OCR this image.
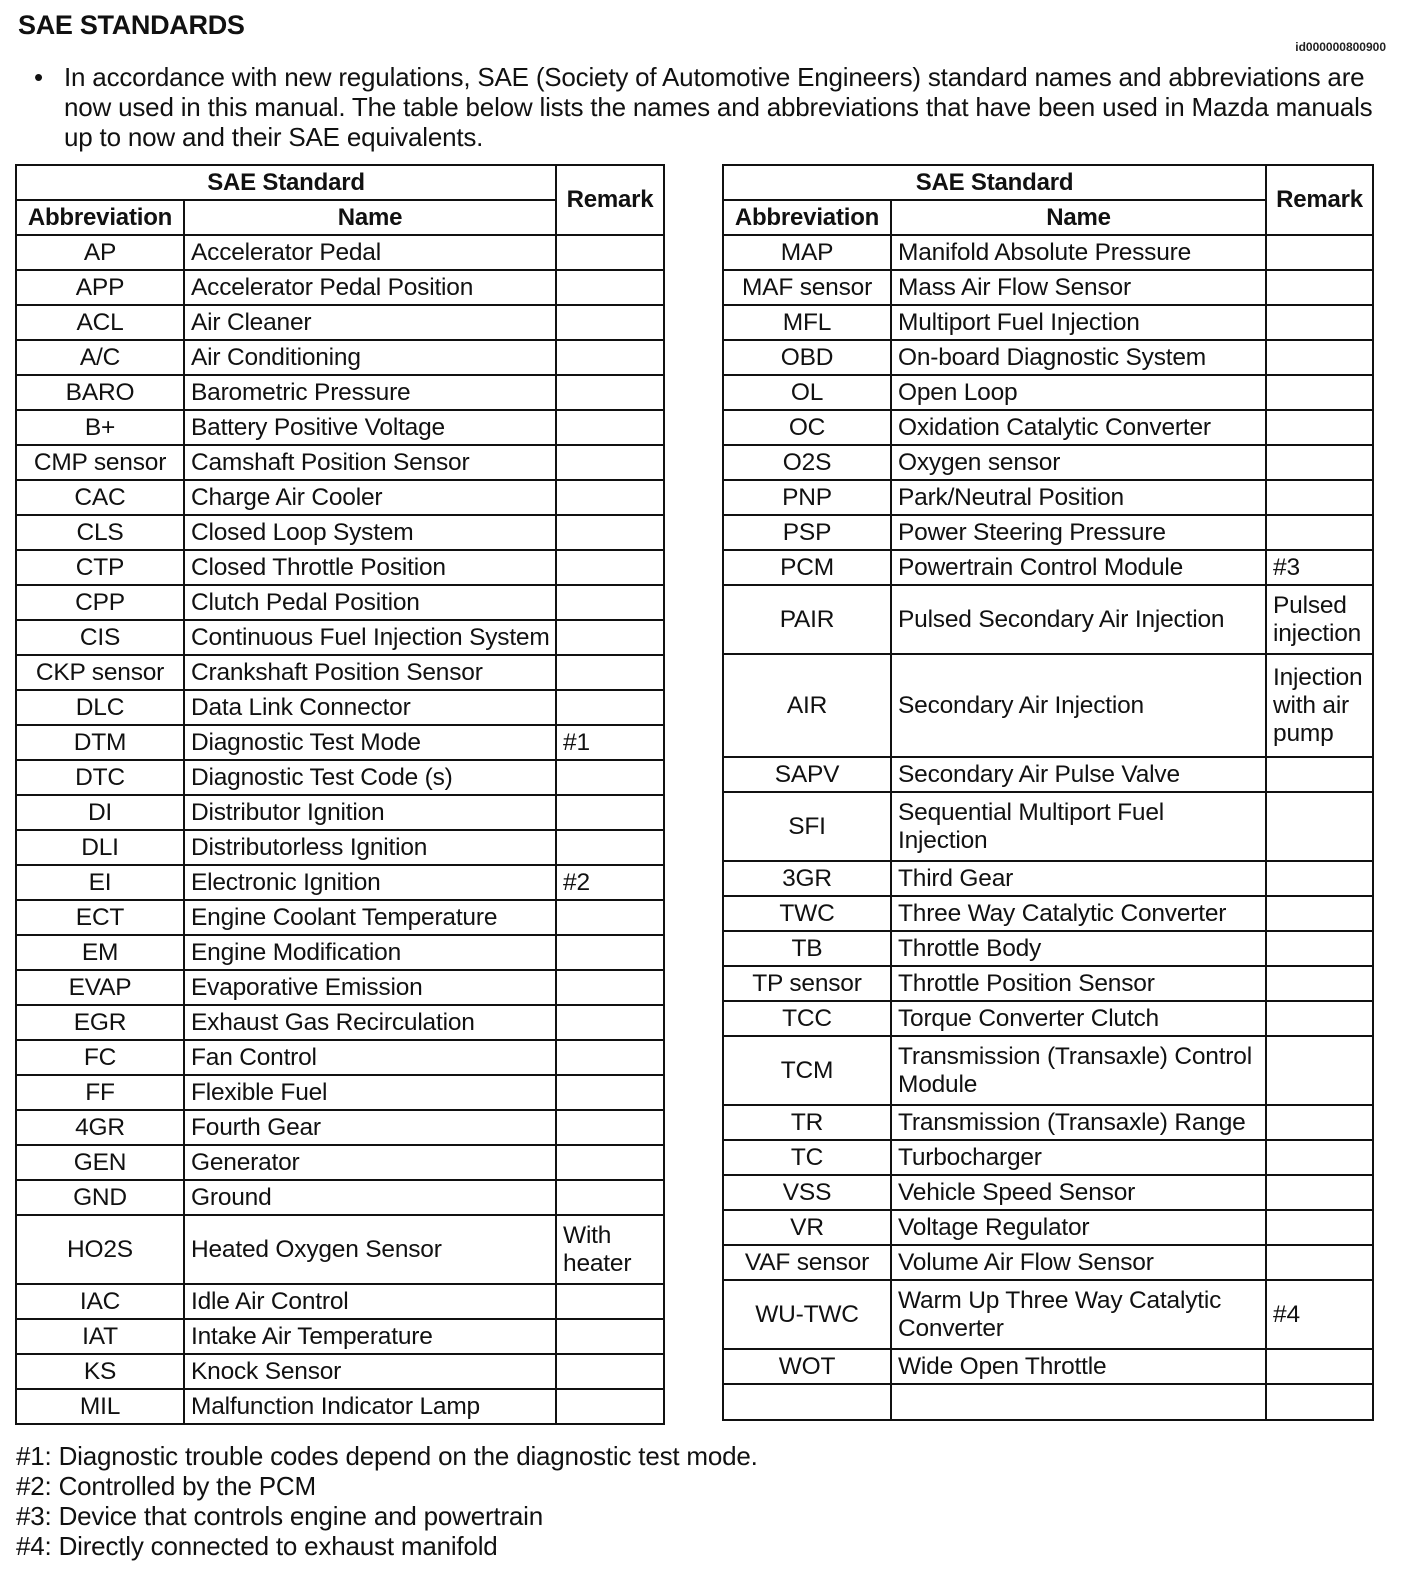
SAE STANDARDS
id000000800900
• In accordance with new regulations, SAE (Society of Automotive Engineers) standard names and abbreviations are now used in this manual. The table below lists the names and abbreviations that have been used in Mazda manuals up to now and their SAE equivalents.
SAE Standard		Remark
Abbreviation	Name	
AP	Accelerator Pedal	
APP	Accelerator Pedal Position	
ACL	Air Cleaner	
A/C	Air Conditioning	
BARO	Barometric Pressure	
B+	Battery Positive Voltage	
CMP sensor	Camshaft Position Sensor	
CAC	Charge Air Cooler	
CLS	Closed Loop System	
CTP	Closed Throttle Position	
CPP	Clutch Pedal Position	
CIS	Continuous Fuel Injection System	
CKP sensor	Crankshaft Position Sensor	
DLC	Data Link Connector	
DTM	Diagnostic Test Mode	#1
DTC	Diagnostic Test Code (s)	
DI	Distributor Ignition	
DLI	Distributorless Ignition	
EI	Electronic Ignition	#2
ECT	Engine Coolant Temperature	
EM	Engine Modification	
EVAP	Evaporative Emission	
EGR	Exhaust Gas Recirculation	
FC	Fan Control	
FF	Flexible Fuel	
4GR	Fourth Gear	
GEN	Generator	
GND	Ground	
HO2S	Heated Oxygen Sensor	With heater
IAC	Idle Air Control	
IAT	Intake Air Temperature	
KS	Knock Sensor	
MIL	Malfunction Indicator Lamp	
SAE Standard		Remark
Abbreviation	Name	
MAP	Manifold Absolute Pressure	
MAF sensor	Mass Air Flow Sensor	
MFL	Multiport Fuel Injection	
OBD	On-board Diagnostic System	
OL	Open Loop	
OC	Oxidation Catalytic Converter	
O2S	Oxygen sensor	
PNP	Park/Neutral Position	
PSP	Power Steering Pressure	
PCM	Powertrain Control Module	#3
PAIR	Pulsed Secondary Air Injection	Pulsed injection
AIR	Secondary Air Injection	Injection with air pump
SAPV	Secondary Air Pulse Valve	
SFI	Sequential Multiport Fuel Injection	
3GR	Third Gear	
TWC	Three Way Catalytic Converter	
TB	Throttle Body	
TP sensor	Throttle Position Sensor	
TCC	Torque Converter Clutch	
TCM	Transmission (Transaxle) Control Module	
TR	Transmission (Transaxle) Range	
TC	Turbocharger	
VSS	Vehicle Speed Sensor	
VR	Voltage Regulator	
VAF sensor	Volume Air Flow Sensor	
WU-TWC	Warm Up Three Way Catalytic Converter	#4
WOT	Wide Open Throttle	

#1: Diagnostic trouble codes depend on the diagnostic test mode.
#2: Controlled by the PCM
#3: Device that controls engine and powertrain
#4: Directly connected to exhaust manifold
